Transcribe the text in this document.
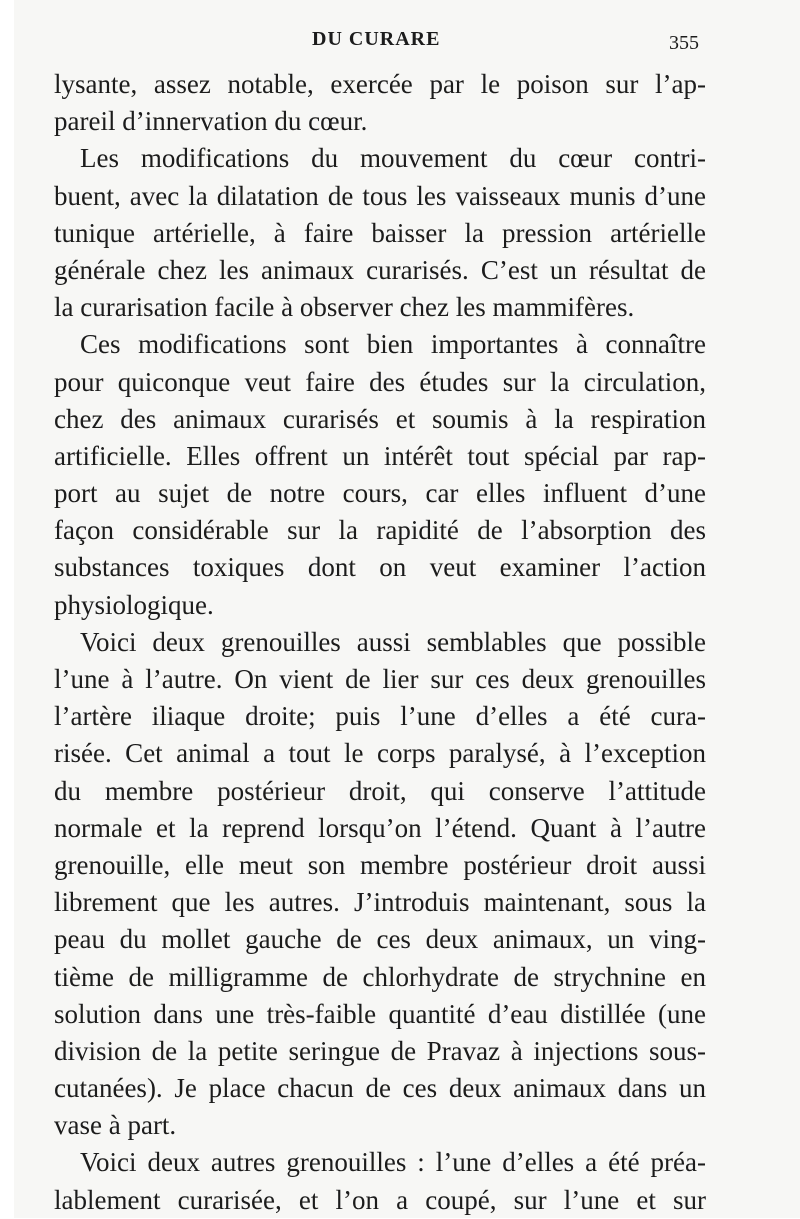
DU CURARE	355

lysante, assez notable, exercée par le poison sur l’ap-
pareil d’innervation du cœur.

Les modifications du mouvement du cœur contri-
buent, avec la dilatation de tous les vaisseaux munis d’une
tunique artérielle, à faire baisser la pression artérielle
générale chez les animaux curarisés. C’est un résultat de
la curarisation facile à observer chez les mammifères.

Ces modifications sont bien importantes à connaître
pour quiconque veut faire des études sur la circulation,
chez des animaux curarisés et soumis à la respiration
artificielle. Elles offrent un intérêt tout spécial par rap-
port au sujet de notre cours, car elles influent d’une
façon considérable sur la rapidité de l’absorption des
substances toxiques dont on veut examiner l’action
physiologique.

Voici deux grenouilles aussi semblables que possible
l’une à l’autre. On vient de lier sur ces deux grenouilles
l’artère iliaque droite; puis l’une d’elles a été cura-
risée. Cet animal a tout le corps paralysé, à l’exception
du membre postérieur droit, qui conserve l’attitude
normale et la reprend lorsqu’on l’étend. Quant à l’autre
grenouille, elle meut son membre postérieur droit aussi
librement que les autres. J’introduis maintenant, sous la
peau du mollet gauche de ces deux animaux, un ving-
tième de milligramme de chlorhydrate de strychnine en
solution dans une très-faible quantité d’eau distillée (une
division de la petite seringue de Pravaz à injections sous-
cutanées). Je place chacun de ces deux animaux dans un
vase à part.

Voici deux autres grenouilles : l’une d’elles a été préa-
lablement curarisée, et l’on a coupé, sur l’une et sur
